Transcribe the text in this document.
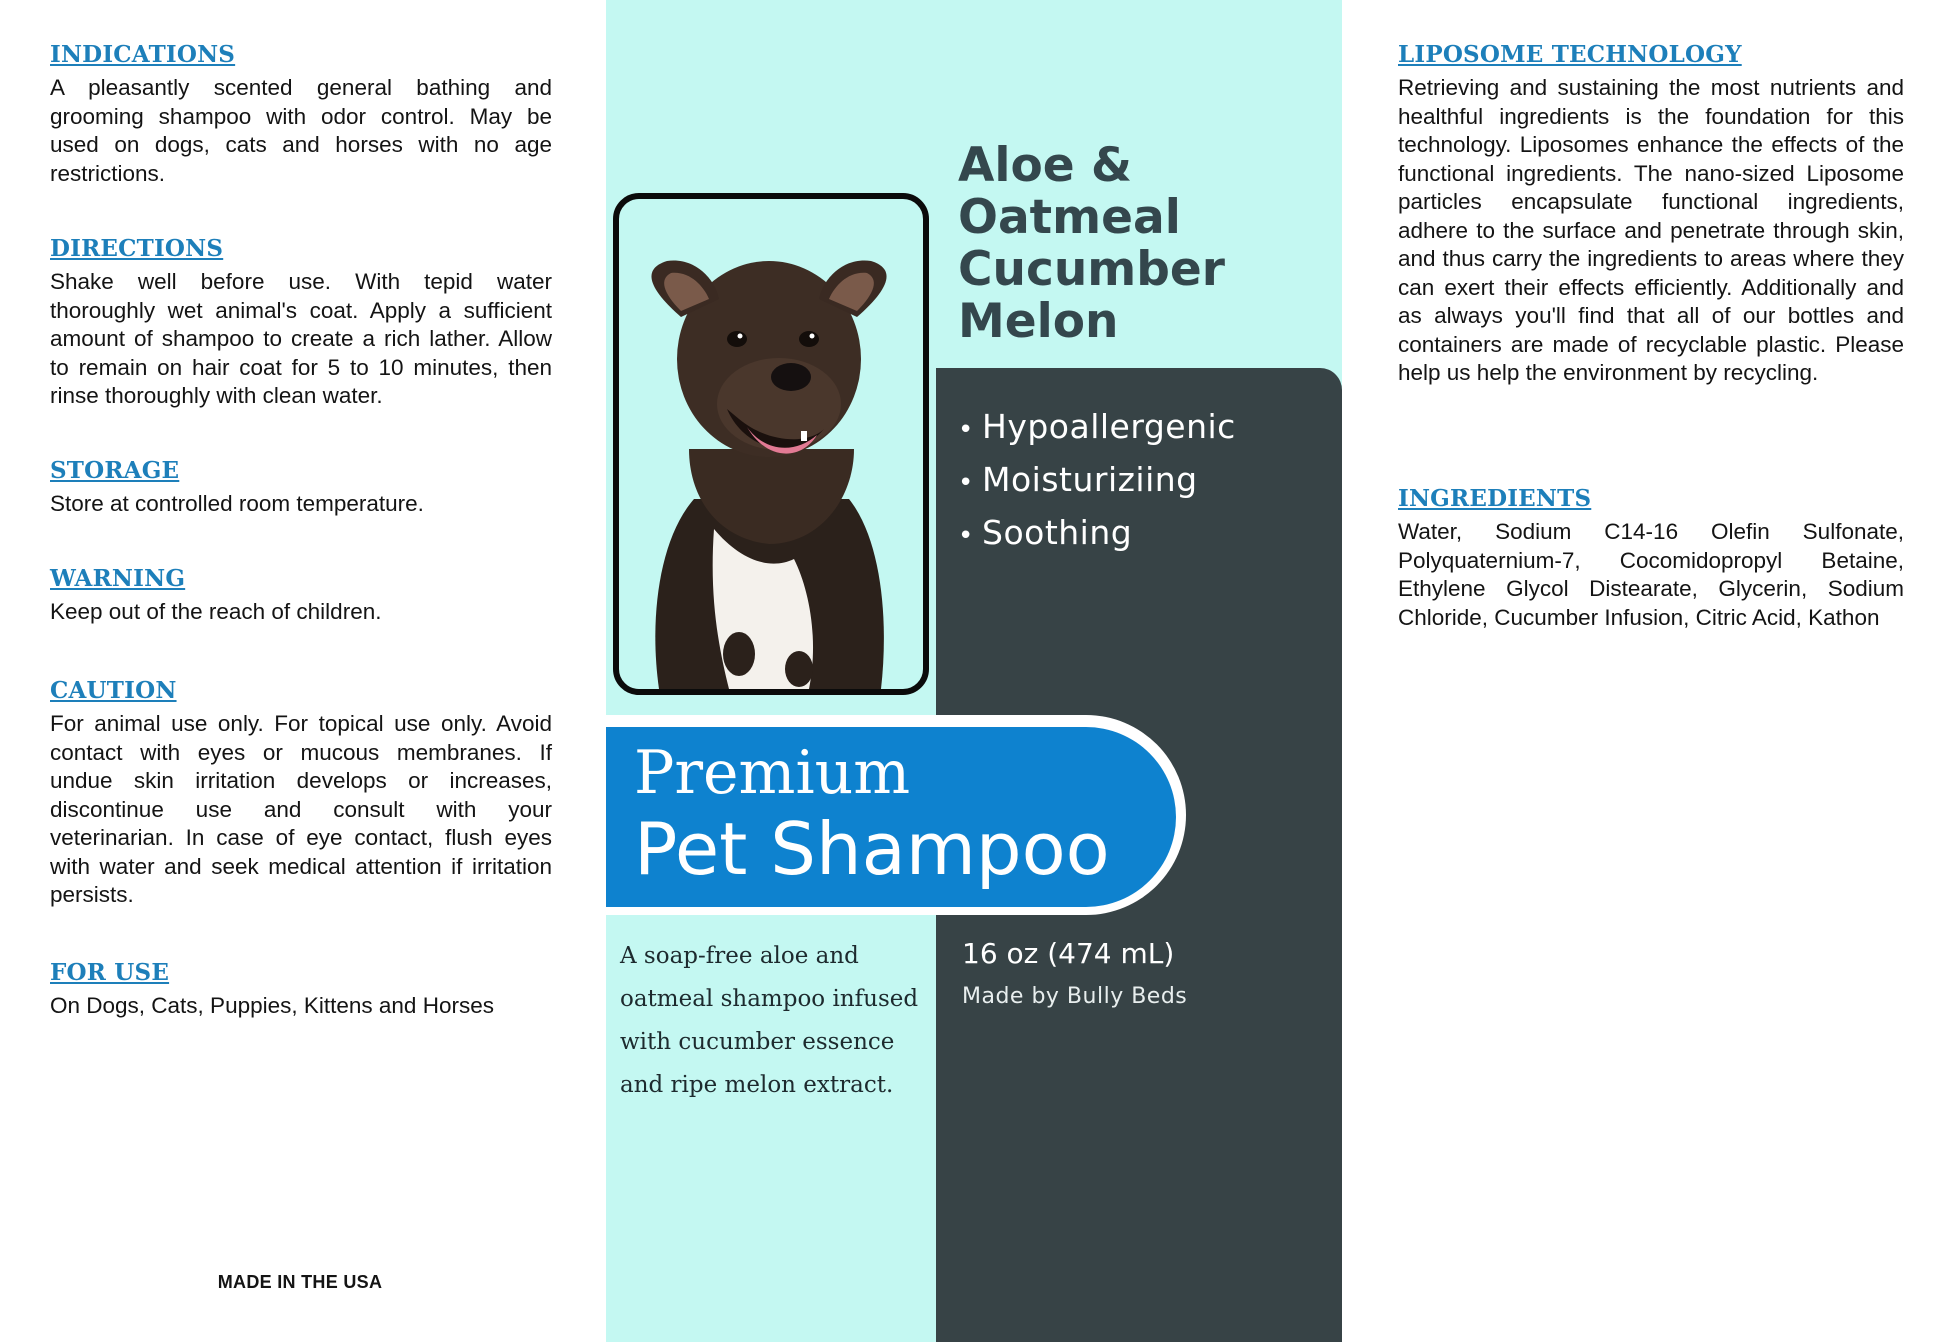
INDICATIONS

A pleasantly scented general bathing and grooming shampoo with odor control. May be used on dogs, cats and horses with no age restrictions.

DIRECTIONS

Shake well before use. With tepid water thoroughly wet animal's coat. Apply a sufficient amount of shampoo to create a rich lather. Allow to remain on hair coat for 5 to 10 minutes, then rinse thoroughly with clean water.

STORAGE

Store at controlled room temperature.

WARNING

Keep out of the reach of children.

CAUTION

For animal use only. For topical use only. Avoid contact with eyes or mucous membranes. If undue skin irritation develops or increases, discontinue use and consult with your veterinarian. In case of eye contact, flush eyes with water and seek medical attention if irritation persists.

FOR USE

On Dogs, Cats, Puppies, Kittens and Horses

MADE IN THE USA
Aloe &
Oatmeal
Cucumber
Melon
• Hypoallergenic
• Moisturiziing
• Soothing

Premium

Pet Shampoo

A soap-free aloe and oatmeal shampoo infused with cucumber essence and ripe melon extract.

16 oz (474 mL)

Made by Bully Beds

LIPOSOME TECHNOLOGY

Retrieving and sustaining the most nutrients and healthful ingredients is the foundation for this technology. Liposomes enhance the effects of the functional ingredients. The nano-sized Liposome particles encapsulate functional ingredients, adhere to the surface and penetrate through skin, and thus carry the ingredients to areas where they can exert their effects efficiently. Additionally and as always you'll find that all of our bottles and containers are made of recyclable plastic. Please help us help the environment by recycling.

INGREDIENTS

Water, Sodium C14-16 Olefin Sulfonate, Polyquaternium-7, Cocomidopropyl Betaine, Ethylene Glycol Distearate, Glycerin, Sodium Chloride, Cucumber Infusion, Citric Acid, Kathon
